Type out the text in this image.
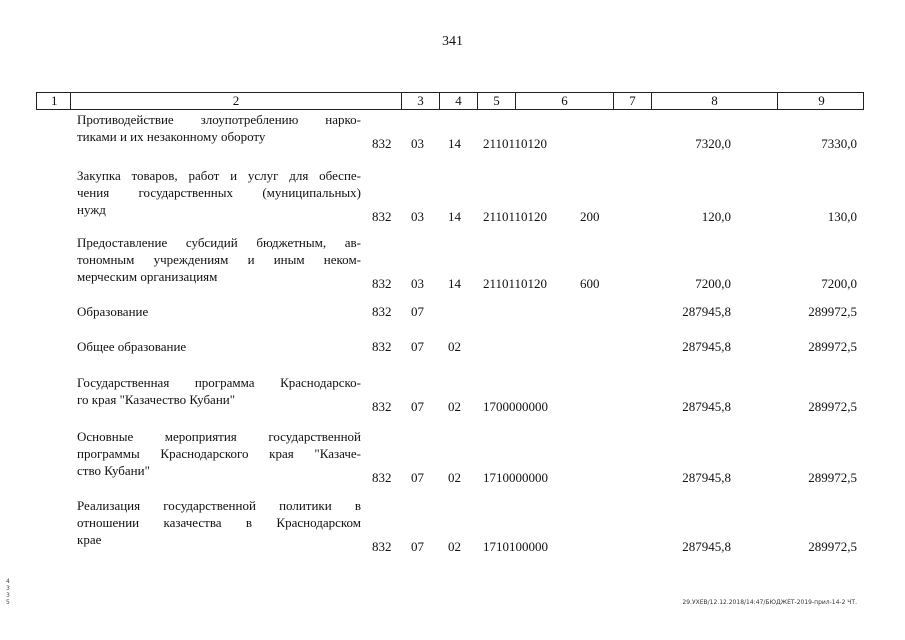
341
1	2	3	4	5	6	7	8	9
Противодействие злоупотреблению нарко-
тиками и их незаконному обороту	832 03 14 2110110120	7320,0	7330,0
Закупка товаров, работ и услуг для обеспе-
чения государственных (муниципальных)
нужд	832 03 14 2110110120	200	120,0	130,0
Предоставление субсидий бюджетным, ав-
тономным учреждениям и иным неком-
мерческим организациям	832 03 14 2110110120	600	7200,0	7200,0
Образование	832 07	287945,8	289972,5
Общее образование	832 07 02	287945,8	289972,5
Государственная программа Краснодарско-
го края "Казачество Кубани"	832 07 02 1700000000	287945,8	289972,5
Основные мероприятия государственной
программы Краснодарского края "Казаче-
ство Кубани"	832 07 02 1710000000	287945,8	289972,5
Реализация государственной политики в
отношении казачества в Краснодарском
крае	832 07 02 1710100000	287945,8	289972,5
29.УХЕВ/12.12.2018/14:47/БЮДЖЕТ-2019-прил-14-2 ЧТ.
4 3 3 5
